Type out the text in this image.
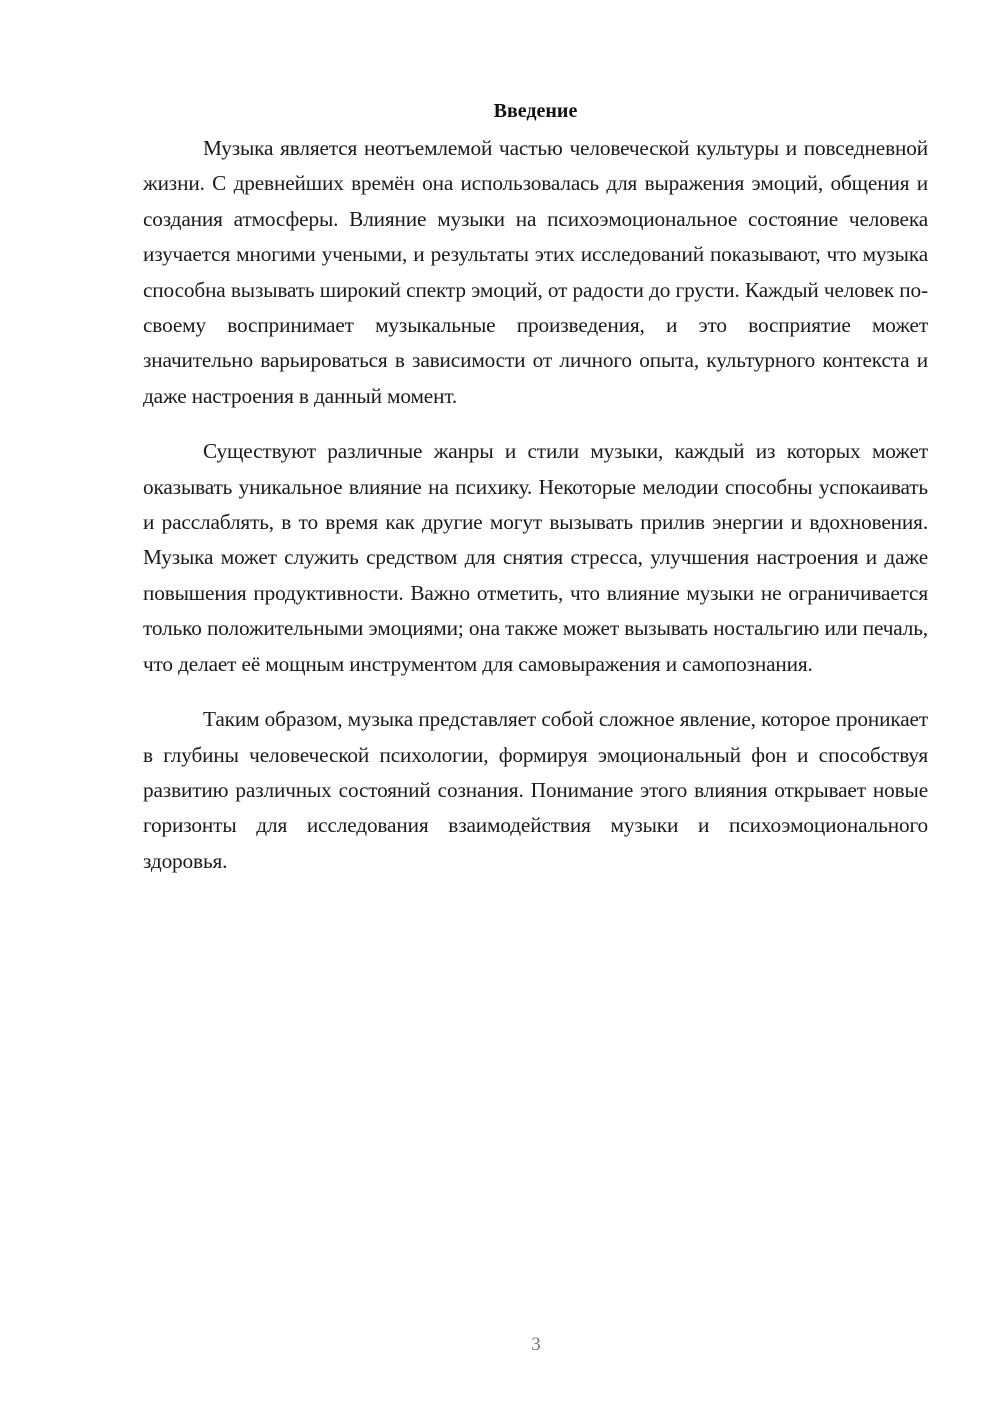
Введение

Музыка является неотъемлемой частью человеческой культуры и повседневной жизни. С древнейших времён она использовалась для выражения эмоций, общения и создания атмосферы. Влияние музыки на психоэмоциональное состояние человека изучается многими учеными, и результаты этих исследований показывают, что музыка способна вызывать широкий спектр эмоций, от радости до грусти. Каждый человек по-своему воспринимает музыкальные произведения, и это восприятие может значительно варьироваться в зависимости от личного опыта, культурного контекста и даже настроения в данный момент.

Существуют различные жанры и стили музыки, каждый из которых может оказывать уникальное влияние на психику. Некоторые мелодии способны успокаивать и расслаблять, в то время как другие могут вызывать прилив энергии и вдохновения. Музыка может служить средством для снятия стресса, улучшения настроения и даже повышения продуктивности. Важно отметить, что влияние музыки не ограничивается только положительными эмоциями; она также может вызывать ностальгию или печаль, что делает её мощным инструментом для самовыражения и самопознания.

Таким образом, музыка представляет собой сложное явление, которое проникает в глубины человеческой психологии, формируя эмоциональный фон и способствуя развитию различных состояний сознания. Понимание этого влияния открывает новые горизонты для исследования взаимодействия музыки и психоэмоционального здоровья.

3
